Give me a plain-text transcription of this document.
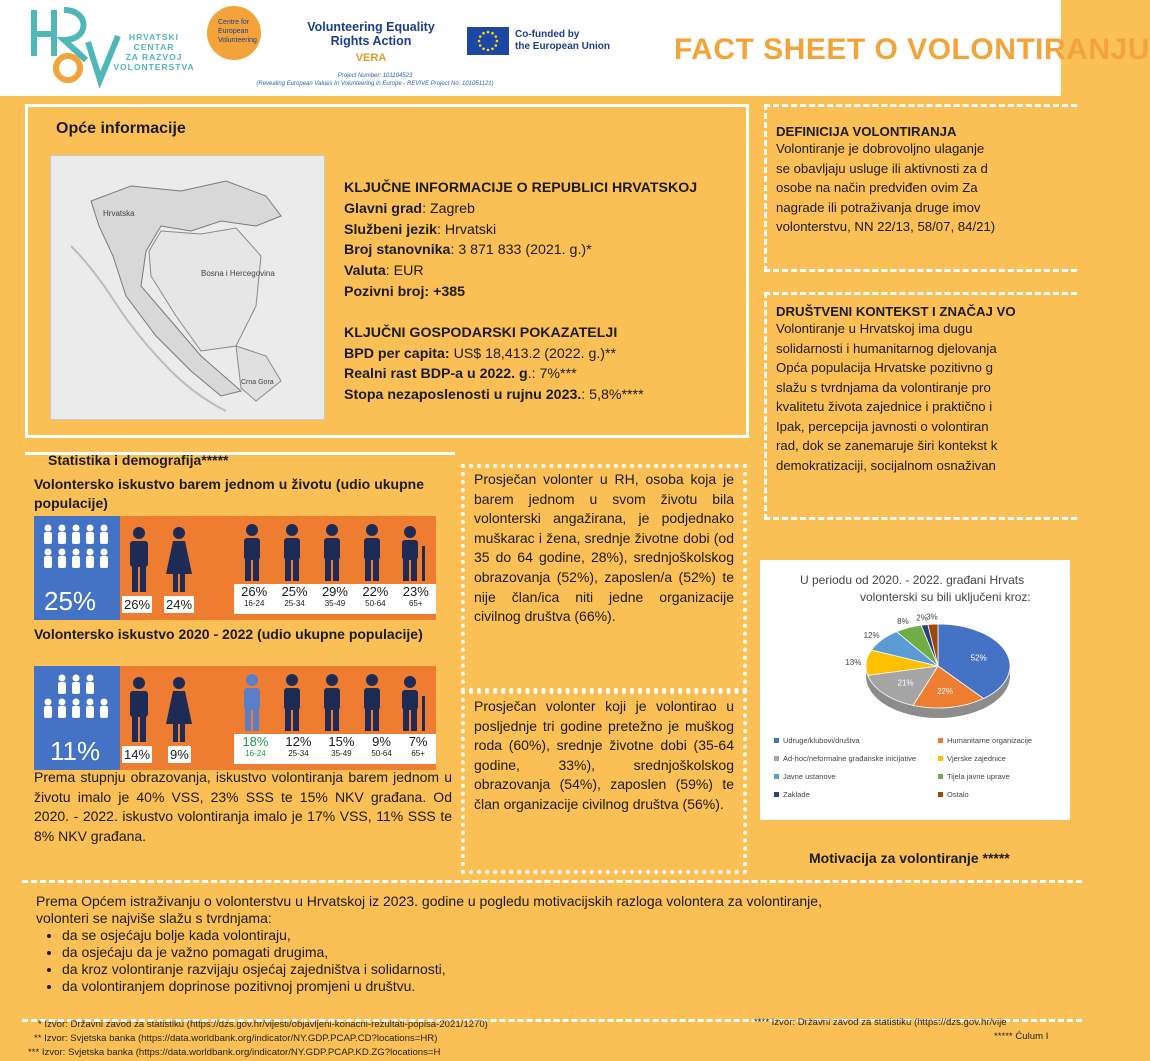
HRVATSKI
CENTAR
ZA RAZVOJ
VOLONTERSTVA
Centre for
European
Volunteering
Volunteering Equality Rights Action
VERA
Project Number: 101104523
(Revealing European Values In Volunteering in Europe - REVIVE Project No. 101051121)
Co-funded by
the European Union FACT SHEET O VOLONTIRANJU
Opće informacije
Hrvatska
Bosna i Hercegovina
Crna Gora
KLJUČNE INFORMACIJE O REPUBLICI HRVATSKOJ
Glavni grad: Zagreb
Službeni jezik: Hrvatski
Broj stanovnika: 3 871 833 (2021. g.)*
Valuta: EUR
Pozivni broj: +385
KLJUČNI GOSPODARSKI POKAZATELJI
BPD per capita: US$ 18,413.2 (2022. g.)**
Realni rast BDP-a u 2022. g.: 7%***
Stopa nezaposlenosti u rujnu 2023.: 5,8%****
DEFINICIJA VOLONTIRANJA
Volontiranje je dobrovoljno ulaganje
se obavljaju usluge ili aktivnosti za d
osobe na način predviđen ovim Za
nagrade ili potraživanja druge imov
volonterstvu, NN 22/13, 58/07, 84/21)
DRUŠTVENI KONTEKST I ZNAČAJ VO
Volontiranje u Hrvatskoj ima dugu
solidarnosti i humanitarnog djelovanja
Opća populacija Hrvatske pozitivno g
slažu s tvrdnjama da volontiranje pro
kvalitetu života zajednice i praktično i
Ipak, percepcija javnosti o volontiran
rad, dok se zanemaruje širi kontekst k
demokratizaciji, socijalnom osnaživan
U periodu od 2020. - 2022. građani Hrvats
volonterski su bili uključeni kroz:
52%
22%
21%
13%
12%
8% 2%
3%
Udruge/klubovi/društva	Humanitarne organizacije
Ad-hoc/neformalne građanske inicijative	Vjerske zajednice
Javne ustanove	Tijela javne uprave
Zaklade	Ostalo
Statistika i demografija*****
Volontersko iskustvo barem jednom u životu (udio ukupne populacije)
25% 26% 24%
26%
16-24
25%
25-34
29%
35-49
22%
50-64
23%
65+
Volontersko iskustvo 2020 - 2022 (udio ukupne populacije)
11% 14% 9%
18%
16-24
12%
25-34
15%
35-49
9%
50-64
7%
65+
Prema stupnju obrazovanja, iskustvo volontiranja barem jednom u životu imalo je 40% VSS, 23% SSS te 15% NKV građana. Od 2020. - 2022. iskustvo volontiranja imalo je 17% VSS, 11% SSS te 8% NKV građana.
Prosječan volonter u RH, osoba koja je barem jednom u svom životu bila volonterski angažirana, je podjednako muškarac i žena, srednje životne dobi (od 35 do 64 godine, 28%), srednjoškolskog obrazovanja (52%), zaposlen/a (52%) te nije član/ica niti jedne organizacije civilnog društva (66%).
Prosječan volonter koji je volontirao u posljednje tri godine pretežno je muškog roda (60%), srednje životne dobi (35-64 godine, 33%), srednjoškolskog obrazovanja (54%), zaposlen (59%) te član organizacije civilnog društva (56%).
Motivacija za volontiranje *****
Prema Općem istraživanju o volonterstvu u Hrvatskoj iz 2023. godine u pogledu motivacijskih razloga volontera za volontiranje,
volonteri se najviše slažu s tvrdnjama:
• da se osjećaju bolje kada volontiraju,
• da osjećaju da je važno pomagati drugima,
• da kroz volontiranje razvijaju osjećaj zajedništva i solidarnosti,
• da volontiranjem doprinose pozitivnoj promjeni u društvu.
* Izvor: Državni zavod za statistiku (https://dzs.gov.hr/vijesti/objavljeni-konacni-rezultati-popisa-2021/1270)
** Izvor: Svjetska banka (https://data.worldbank.org/indicator/NY.GDP.PCAP.CD?locations=HR)
*** Izvor: Svjetska banka (https://data.worldbank.org/indicator/NY.GDP.PCAP.KD.ZG?locations=H
**** Izvor: Državni zavod za statistiku (https://dzs.gov.hr/vije
***** Ćulum I
